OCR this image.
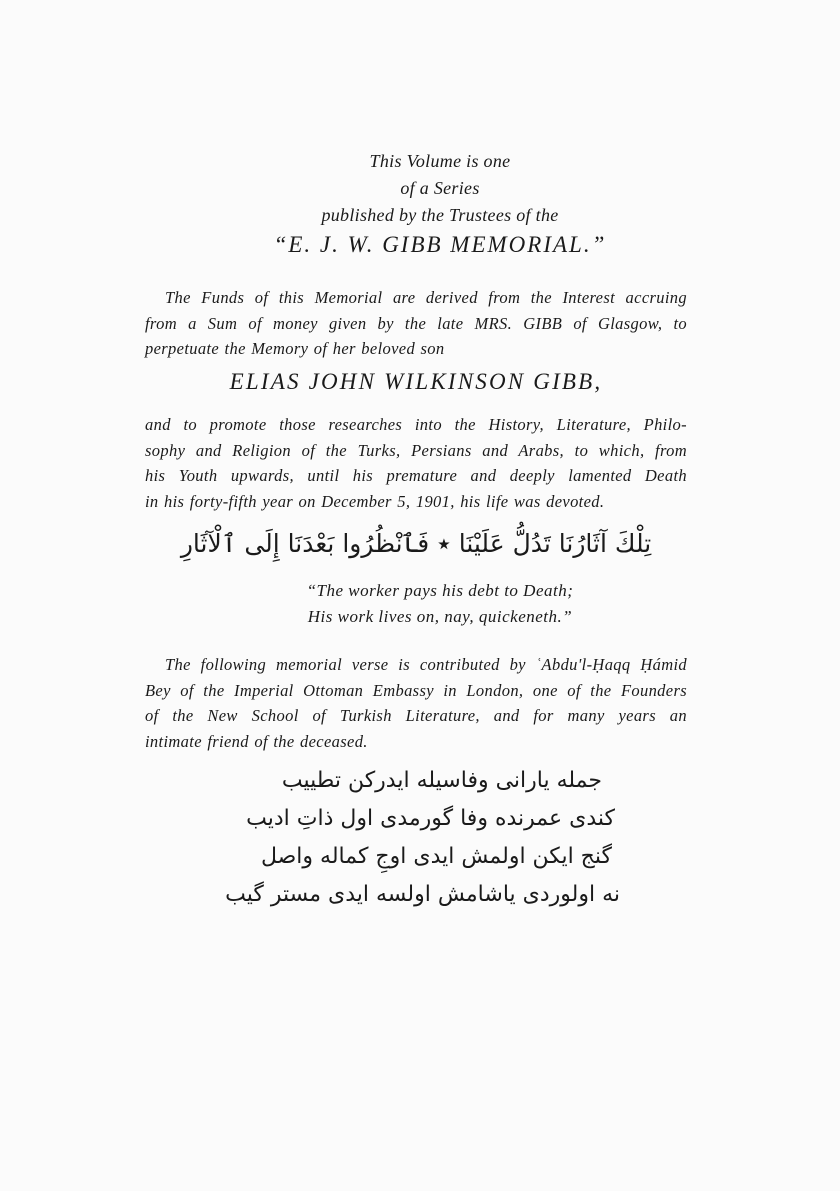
This Volume is one
of a Series
published by the Trustees of the
“E. J. W. GIBB MEMORIAL.”
The Funds of this Memorial are derived from the Interest accruing
from a Sum of money given by the late MRS. GIBB of Glasgow, to
perpetuate the Memory of her beloved son
ELIAS JOHN WILKINSON GIBB,
and to promote those researches into the History, Literature, Philo-
sophy and Religion of the Turks, Persians and Arabs, to which, from
his Youth upwards, until his premature and deeply lamented Death
in his forty-fifth year on December 5, 1901, his life was devoted.
تِلْكَ آثَارُنَا تَدُلُّ عَلَيْنَا ٭ فَٱنْظُرُوا بَعْدَنَا إِلَى ٱلْآثَارِ
“The worker pays his debt to Death;
His work lives on, nay, quickeneth.”
The following memorial verse is contributed by ʿAbdu'l-Ḥaqq Ḥámid
Bey of the Imperial Ottoman Embassy in London, one of the Founders
of the New School of Turkish Literature, and for many years an
intimate friend of the deceased.
جمله یارانی وفاسیله ایدرکن تطییب
کندی عمرنده وفا گورمدی اول ذاتِ ادیب
گنج ایکن اولمش ایدی اوجِ کماله واصل
نه اولوردی یاشامش اولسه ایدی مستر گیب
